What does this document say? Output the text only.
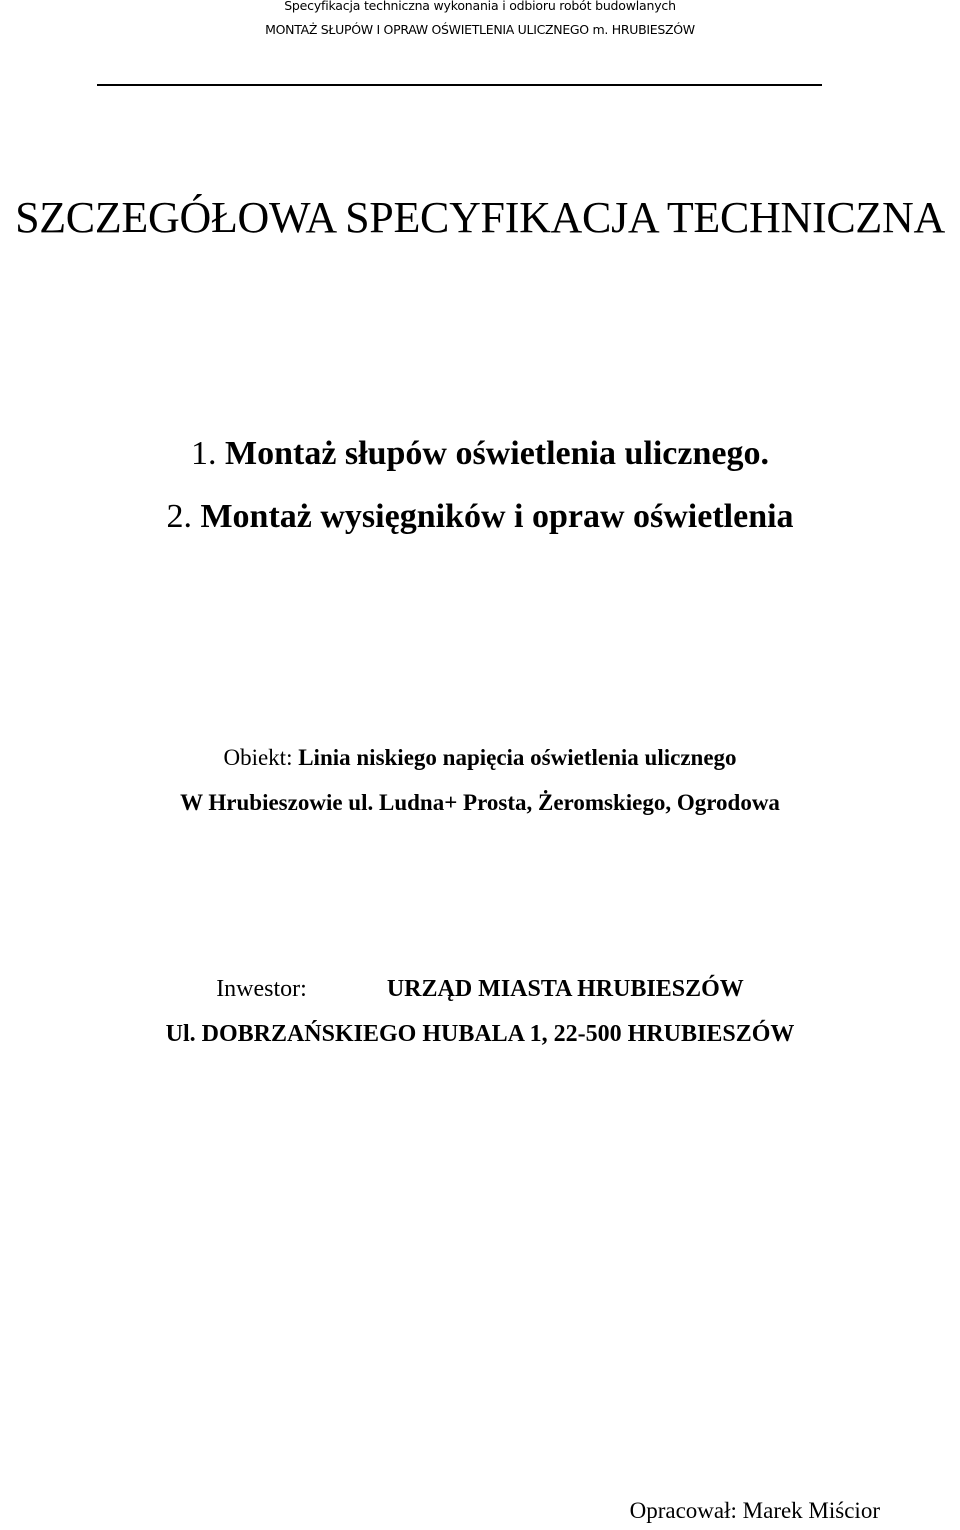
Specyfikacja techniczna wykonania i odbioru robót budowlanych
MONTAŻ SŁUPÓW I OPRAW OŚWIETLENIA ULICZNEGO m. HRUBIESZÓW
SZCZEGÓŁOWA SPECYFIKACJA TECHNICZNA
1. Montaż słupów oświetlenia ulicznego.
2. Montaż wysięgników i opraw oświetlenia
Obiekt: Linia niskiego napięcia oświetlenia ulicznego
W Hrubieszowie ul. Ludna+ Prosta, Żeromskiego, Ogrodowa
Inwestor:	URZĄD MIASTA HRUBIESZÓW
Ul. DOBRZAŃSKIEGO HUBALA 1, 22-500 HRUBIESZÓW
Opracował: Marek Miścior
